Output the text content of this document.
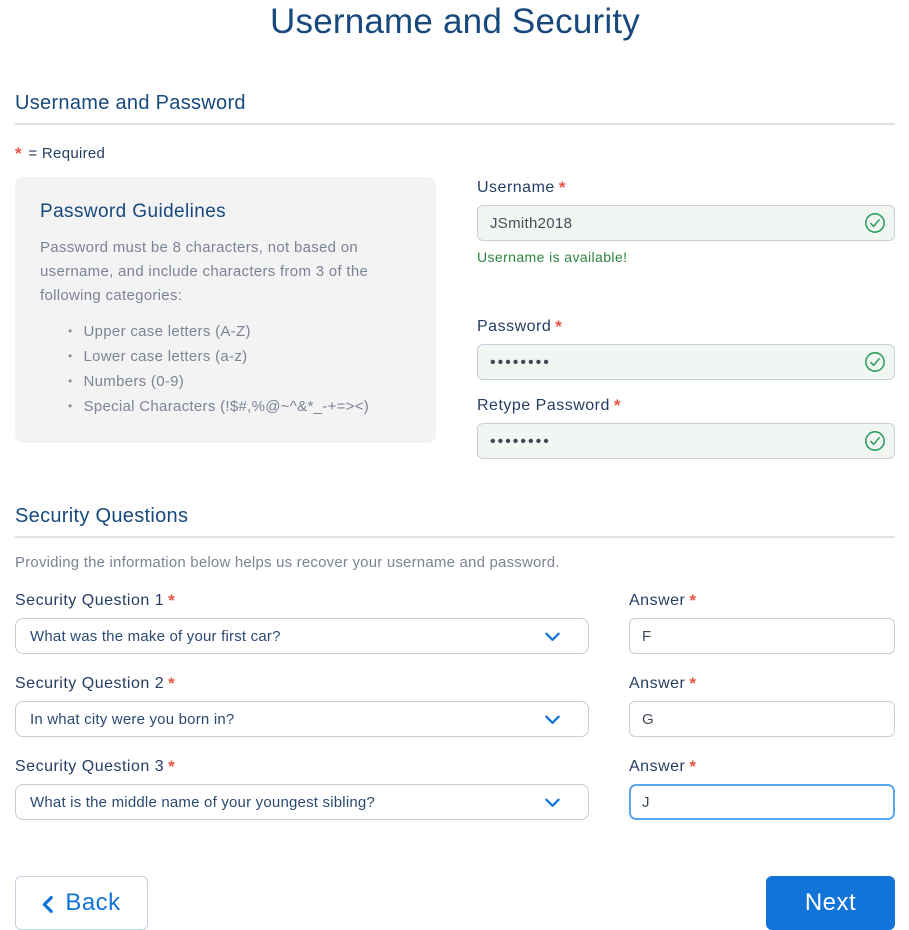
Username and Security
Username and Password
* = Required
Password Guidelines

Password must be 8 characters, not based on username, and include characters from 3 of the following categories:

• Upper case letters (A-Z)
• Lower case letters (a-z)
• Numbers (0-9)
• Special Characters (!$#,%@~^&*_-+=><)
Username *
JSmith2018
Username is available!
Password *
••••••••
Retype Password *
••••••••
Security Questions

Providing the information below helps us recover your username and password.

Security Question 1 *
What was the make of your first car?
Answer *
F
Security Question 2 *
In what city were you born in?
Answer *
G
Security Question 3 *
What is the middle name of your youngest sibling?
Answer *
J
Back	Next
